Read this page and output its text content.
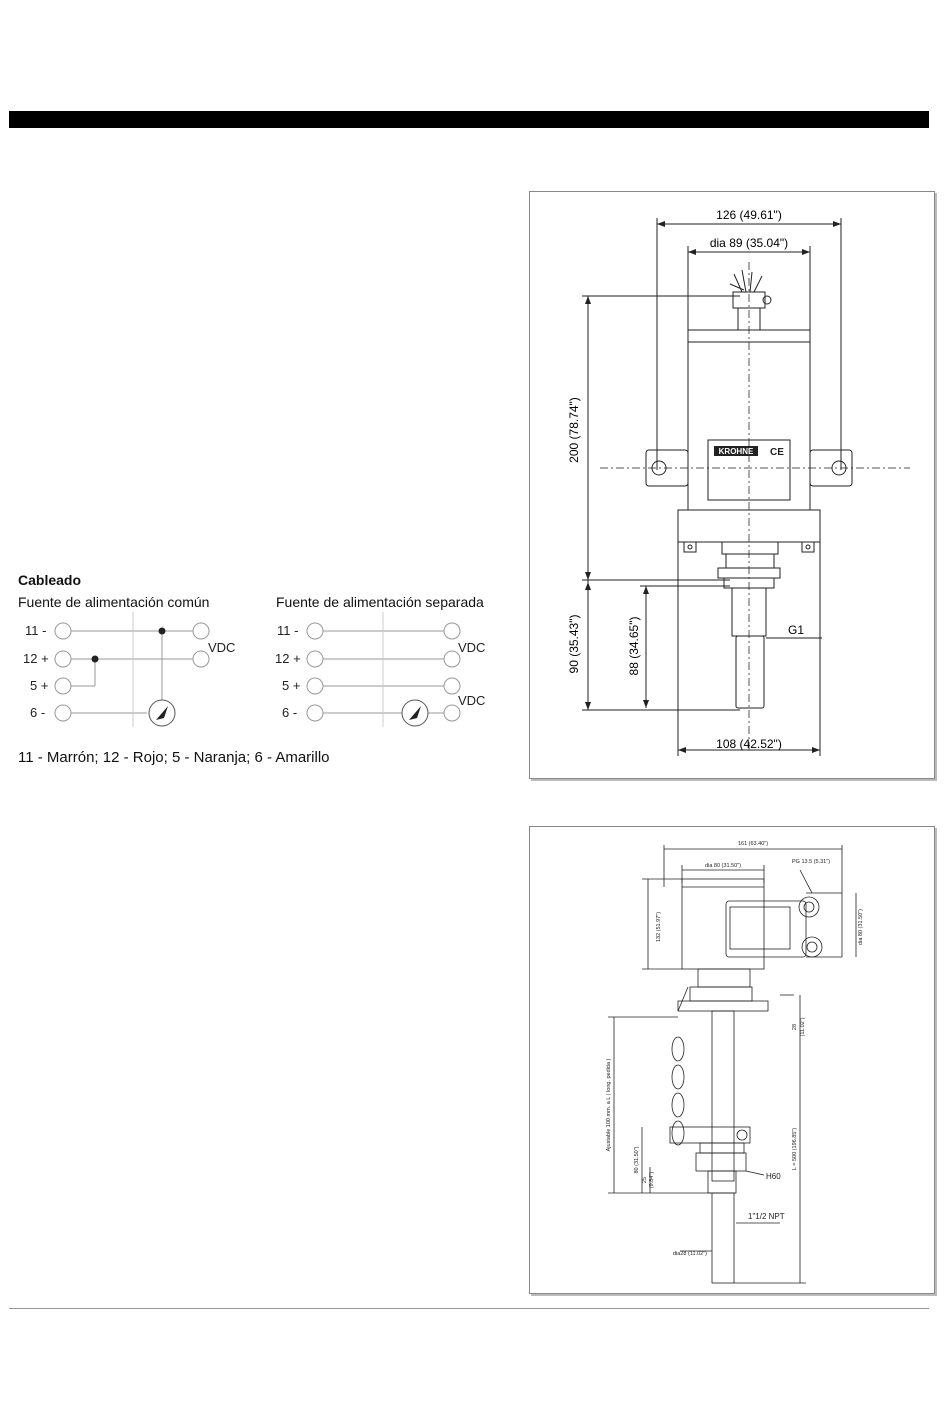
KROHNE CE
126 (49.61")
dia 89 (35.04")
200 (78.74")
90 (35.43")	88 (34.65")	G1
108 (42.52")
Cableado
Fuente de alimentación común	Fuente de alimentación separada
11 -
12 +
5 +
6 -
11 -
12 +
5 +
6 -
VDC	VDC
VDC
11 - Marrón; 12 - Rojo; 5 - Naranja; 6 - Amarillo
161 (63.40")
dia 80 (31.50")
PG 13.5 (5.31")
dia 80 (31.50")
132 (51.97")
28 (11.02")
Ajustable 100 mm. a L ( long. pedida )	L = 500 (196.85")
80 (31.50")
25 (9.84")	H60
1"1/2 NPT
dia28 (11.02")
